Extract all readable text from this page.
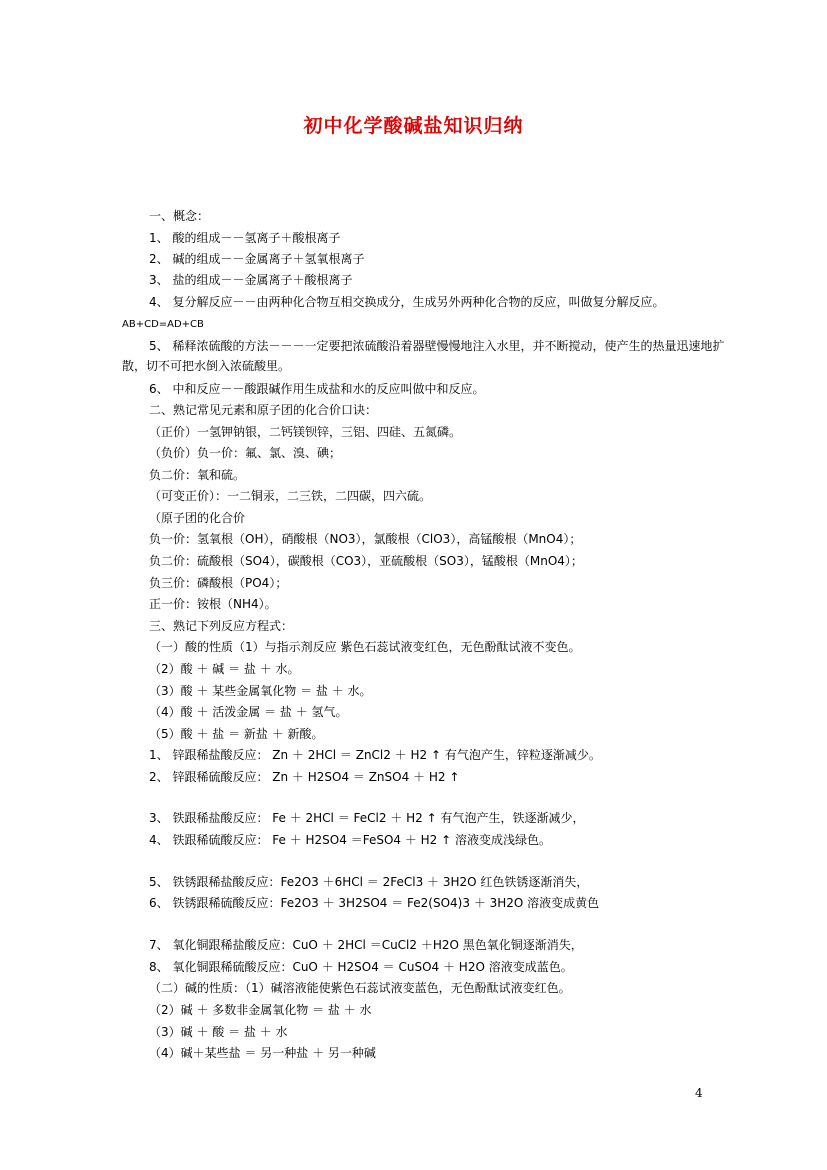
初中化学酸碱盐知识归纳
一、概念：
1、 酸的组成－－氢离子＋酸根离子
2、 碱的组成－－金属离子＋氢氧根离子
3、 盐的组成－－金属离子＋酸根离子
4、 复分解反应－－由两种化合物互相交换成分，生成另外两种化合物的反应，叫做复分解反应。
AB+CD=AD+CB
5、 稀释浓硫酸的方法－－－一定要把浓硫酸沿着器壁慢慢地注入水里，并不断搅动，使产生的热量迅速地扩散，切不可把水倒入浓硫酸里。
6、 中和反应－－酸跟碱作用生成盐和水的反应叫做中和反应。
二、熟记常见元素和原子团的化合价口诀：
（正价）一氢钾钠银，二钙镁钡锌，三铝、四硅、五氮磷。
（负价）负一价：氟、氯、溴、碘；
负二价：氧和硫。
（可变正价）：一二铜汞，二三铁，二四碳，四六硫。
（原子团的化合价
负一价：氢氧根（OH），硝酸根（NO3），氯酸根（ClO3），高锰酸根（MnO4）；
负二价：硫酸根（SO4），碳酸根（CO3），亚硫酸根（SO3），锰酸根（MnO4）；
负三价：磷酸根（PO4）；
正一价：铵根（NH4）。
三、熟记下列反应方程式：
（一）酸的性质（1）与指示剂反应 紫色石蕊试液变红色，无色酚酞试液不变色。
（2）酸 ＋ 碱 ＝ 盐 ＋ 水。
（3）酸 ＋ 某些金属氧化物 ＝ 盐 ＋ 水。
（4）酸 ＋ 活泼金属 ＝ 盐 ＋ 氢气。
（5）酸 ＋ 盐 ＝ 新盐 ＋ 新酸。
1、 锌跟稀盐酸反应： Zn ＋ 2HCl ＝ ZnCl2 ＋ H2 ↑ 有气泡产生，锌粒逐渐减少。
2、 锌跟稀硫酸反应： Zn ＋ H2SO4 ＝ ZnSO4 ＋ H2 ↑
3、 铁跟稀盐酸反应： Fe ＋ 2HCl ＝ FeCl2 ＋ H2 ↑ 有气泡产生，铁逐渐减少，
4、 铁跟稀硫酸反应： Fe ＋ H2SO4 ＝FeSO4 ＋ H2 ↑ 溶液变成浅绿色。
5、 铁锈跟稀盐酸反应：Fe2O3 ＋6HCl ＝ 2FeCl3 ＋ 3H2O 红色铁锈逐渐消失，
6、 铁锈跟稀硫酸反应：Fe2O3 ＋ 3H2SO4 ＝ Fe2(SO4)3 ＋ 3H2O 溶液变成黄色
7、 氧化铜跟稀盐酸反应：CuO ＋ 2HCl ＝CuCl2 ＋H2O 黑色氧化铜逐渐消失，
8、 氧化铜跟稀硫酸反应：CuO ＋ H2SO4 ＝ CuSO4 ＋ H2O 溶液变成蓝色。
（二）碱的性质：（1）碱溶液能使紫色石蕊试液变蓝色，无色酚酞试液变红色。
（2）碱 ＋ 多数非金属氧化物 ＝ 盐 ＋ 水
（3）碱 ＋ 酸 ＝ 盐 ＋ 水
（4）碱＋某些盐 ＝ 另一种盐 ＋ 另一种碱
4
